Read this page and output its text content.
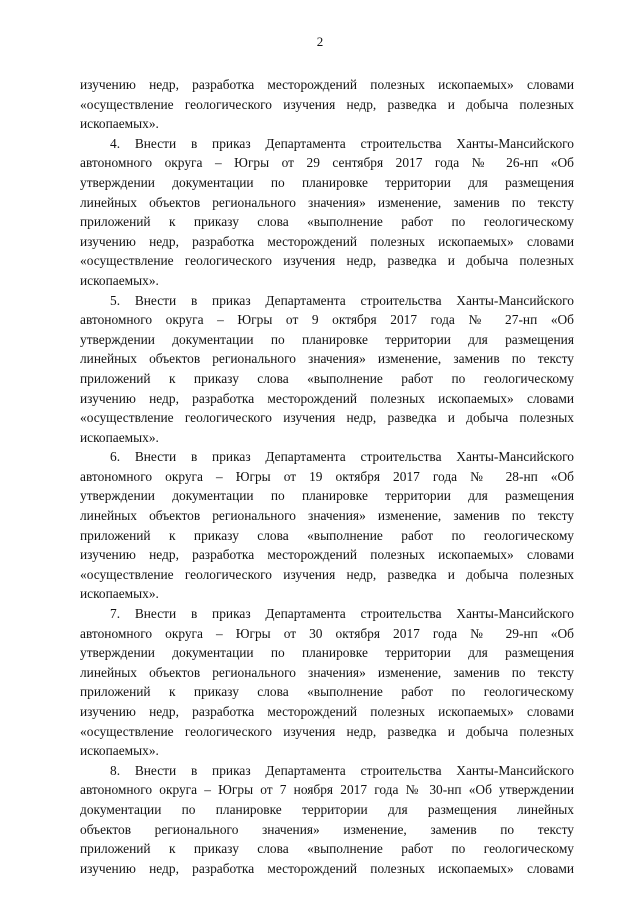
2

изучению недр, разработка месторождений полезных ископаемых» словами
«осуществление геологического изучения недр, разведка и добыча полезных
ископаемых».

4. Внести в приказ Департамента строительства Ханты-Мансийского
автономного округа – Югры от 29 сентября 2017 года № 26-нп «Об
утверждении документации по планировке территории для размещения
линейных объектов регионального значения» изменение, заменив по тексту
приложений к приказу слова «выполнение работ по геологическому
изучению недр, разработка месторождений полезных ископаемых» словами
«осуществление геологического изучения недр, разведка и добыча полезных
ископаемых».

5. Внести в приказ Департамента строительства Ханты-Мансийского
автономного округа – Югры от 9 октября 2017 года № 27-нп «Об
утверждении документации по планировке территории для размещения
линейных объектов регионального значения» изменение, заменив по тексту
приложений к приказу слова «выполнение работ по геологическому
изучению недр, разработка месторождений полезных ископаемых» словами
«осуществление геологического изучения недр, разведка и добыча полезных
ископаемых».

6. Внести в приказ Департамента строительства Ханты-Мансийского
автономного округа – Югры от 19 октября 2017 года № 28-нп «Об
утверждении документации по планировке территории для размещения
линейных объектов регионального значения» изменение, заменив по тексту
приложений к приказу слова «выполнение работ по геологическому
изучению недр, разработка месторождений полезных ископаемых» словами
«осуществление геологического изучения недр, разведка и добыча полезных
ископаемых».

7. Внести в приказ Департамента строительства Ханты-Мансийского
автономного округа – Югры от 30 октября 2017 года № 29-нп «Об
утверждении документации по планировке территории для размещения
линейных объектов регионального значения» изменение, заменив по тексту
приложений к приказу слова «выполнение работ по геологическому
изучению недр, разработка месторождений полезных ископаемых» словами
«осуществление геологического изучения недр, разведка и добыча полезных
ископаемых».

8. Внести в приказ Департамента строительства Ханты-Мансийского
автономного округа – Югры от 7 ноября 2017 года № 30-нп «Об утверждении
документации по планировке территории для размещения линейных
объектов регионального значения» изменение, заменив по тексту
приложений к приказу слова «выполнение работ по геологическому
изучению недр, разработка месторождений полезных ископаемых» словами
